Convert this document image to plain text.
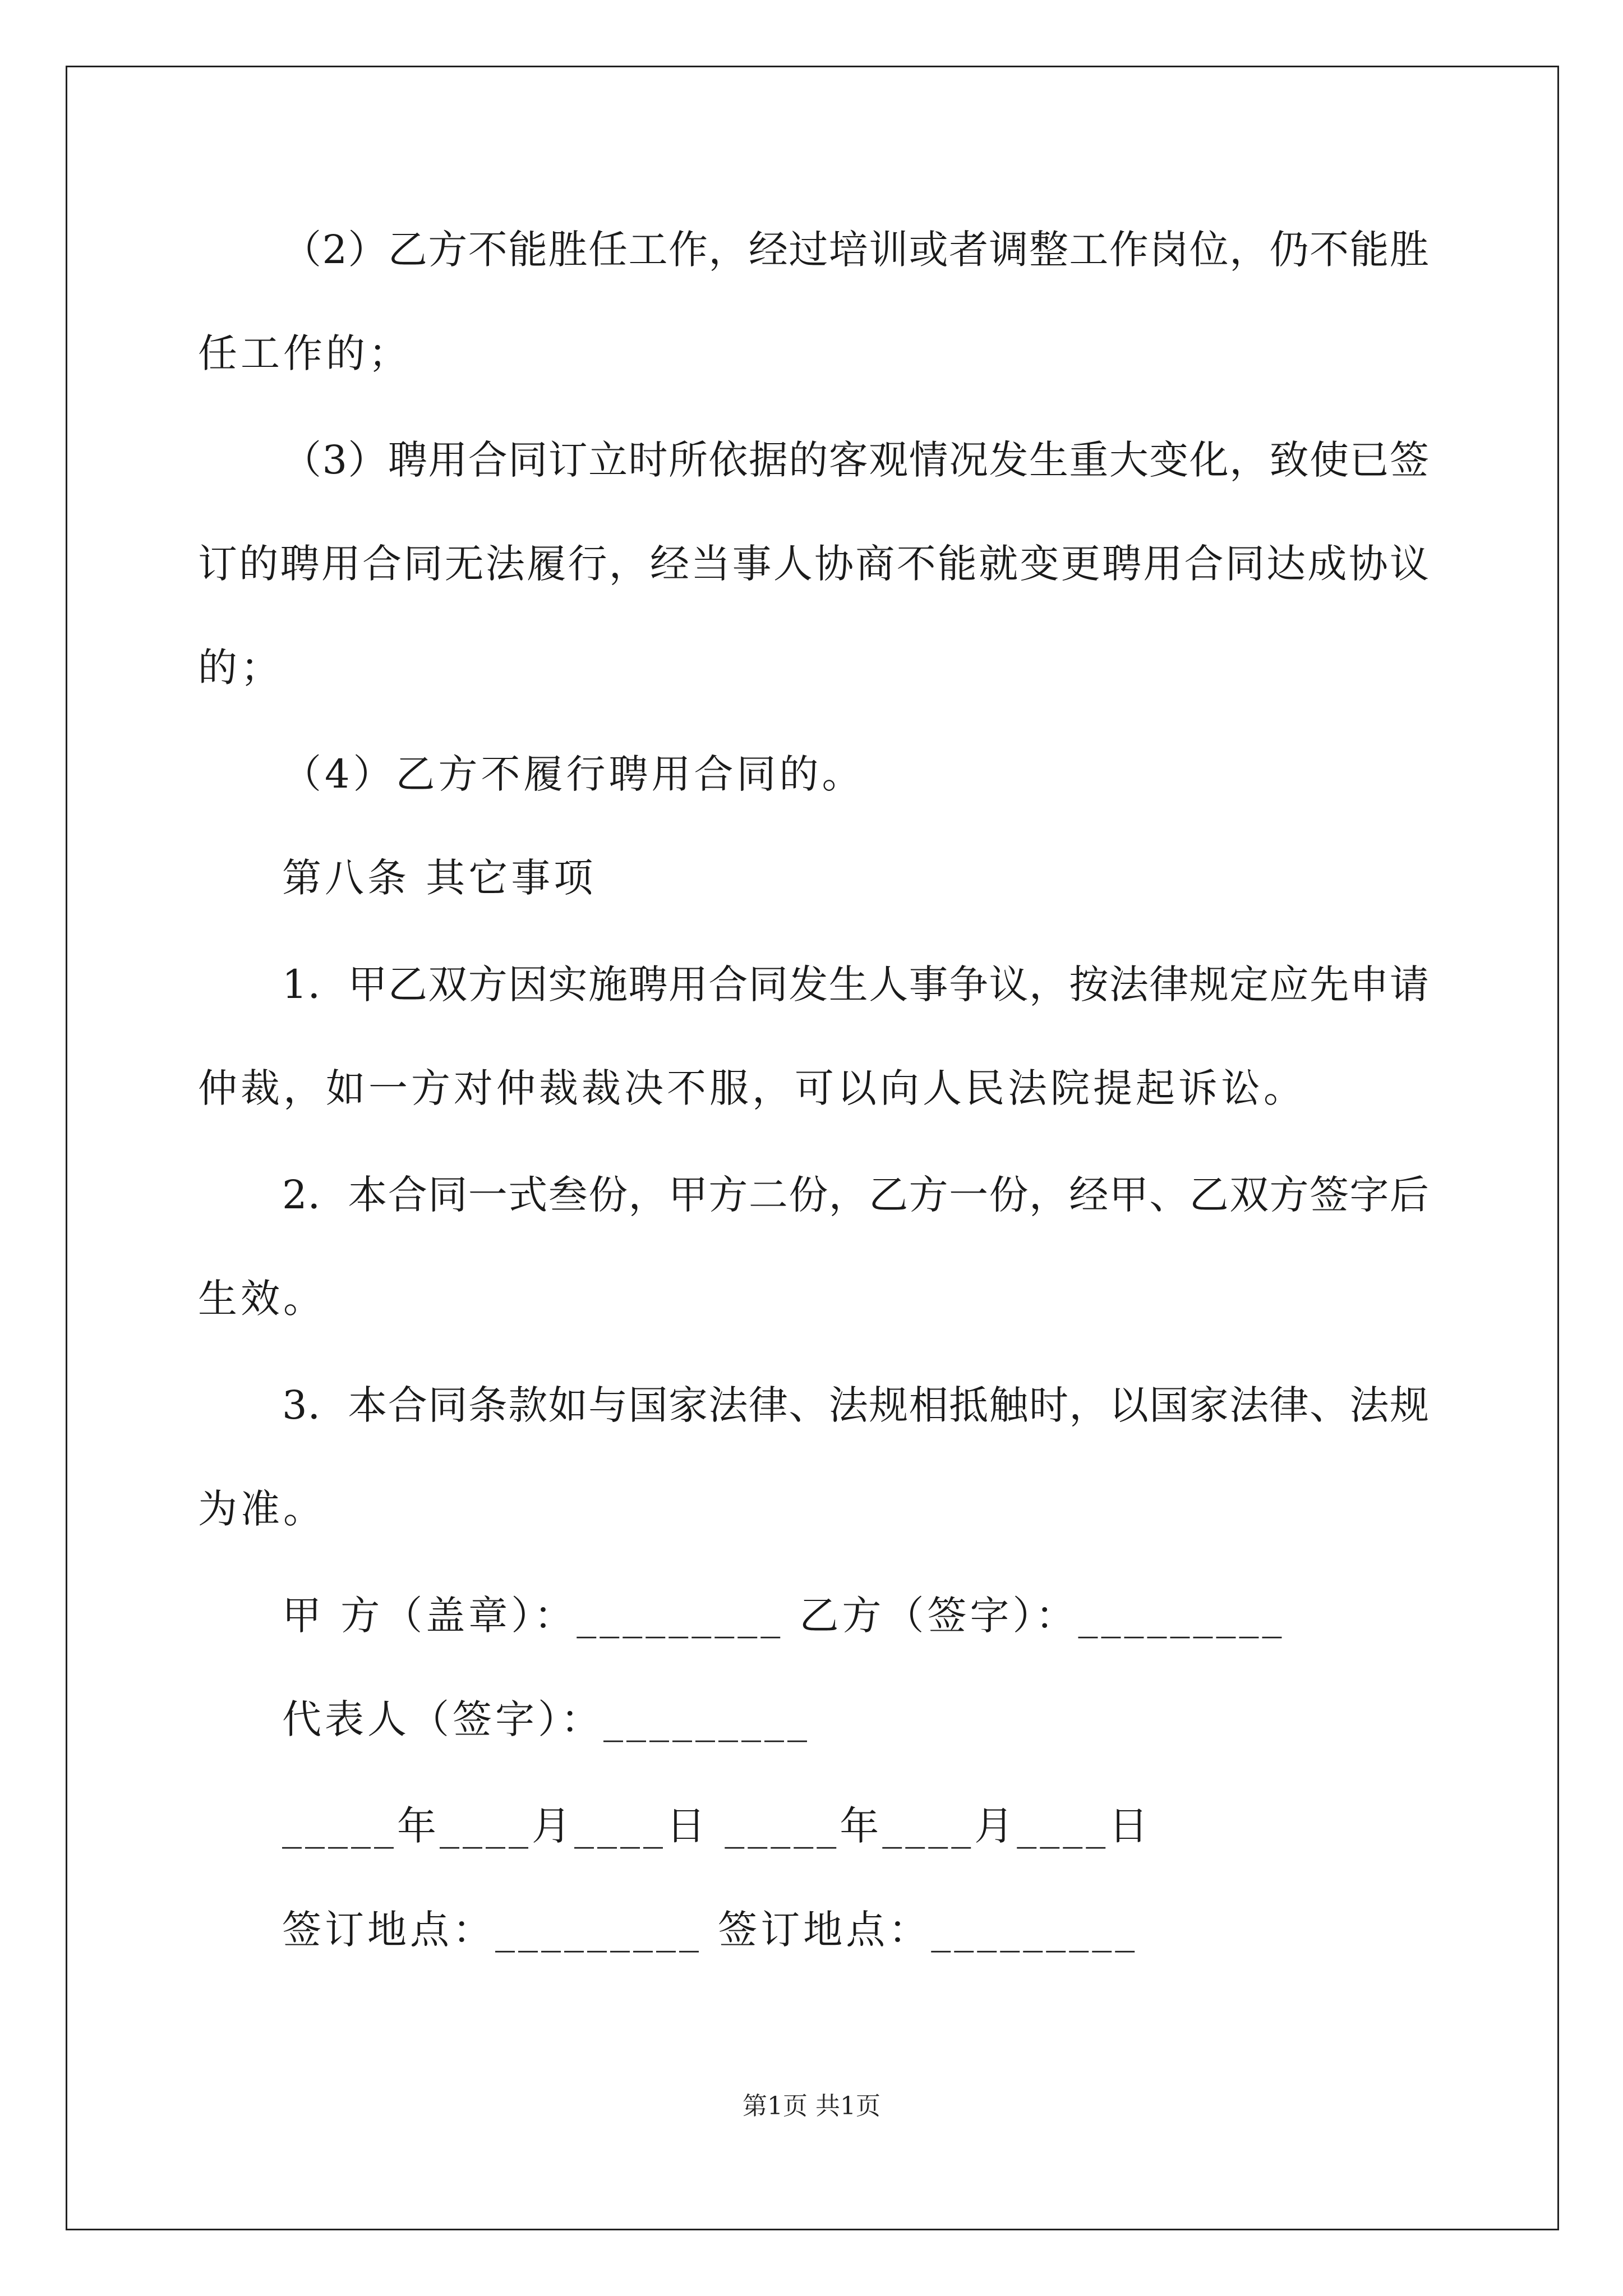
（2）乙方不能胜任工作，经过培训或者调整工作岗位，仍不能胜
任工作的；
（3）聘用合同订立时所依据的客观情况发生重大变化，致使已签
订的聘用合同无法履行，经当事人协商不能就变更聘用合同达成协议
的；
（4）乙方不履行聘用合同的。
第八条 其它事项
1．甲乙双方因实施聘用合同发生人事争议，按法律规定应先申请
仲裁，如一方对仲裁裁决不服，可以向人民法院提起诉讼。
2．本合同一式叁份，甲方二份，乙方一份，经甲、乙双方签字后
生效。
3．本合同条款如与国家法律、法规相抵触时，以国家法律、法规
为准。
甲 方（盖章）：_________ 乙方（签字）：_________
代表人（签字）：_________
_____年____月____日 _____年____月____日
签订地点：_________ 签订地点：_________
第1页 共1页
